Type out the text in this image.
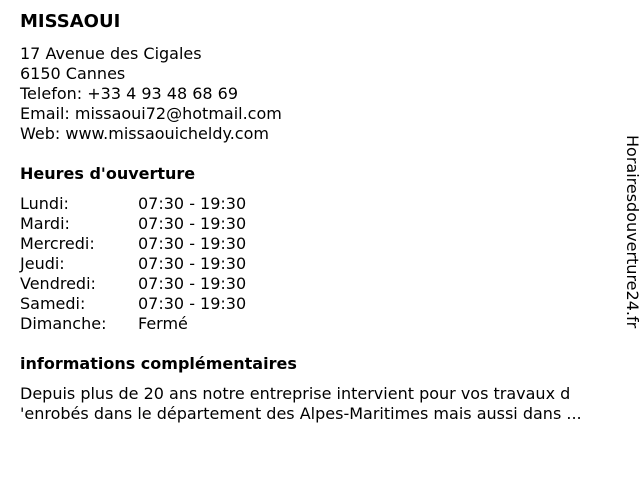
MISSAOUI
17 Avenue des Cigales
6150 Cannes
Telefon: +33 4 93 48 68 69
Email: missaoui72@hotmail.com
Web: www.missaouicheldy.com
Heures d'ouverture
Lundi:	07:30 - 19:30
Mardi:	07:30 - 19:30
Mercredi:	07:30 - 19:30
Jeudi:	07:30 - 19:30
Vendredi:	07:30 - 19:30
Samedi:	07:30 - 19:30
Dimanche:	Fermé
informations complémentaires
Depuis plus de 20 ans notre entreprise intervient pour vos travaux d
'enrobés dans le département des Alpes-Maritimes mais aussi dans ...
Horairesdouverture24.fr
